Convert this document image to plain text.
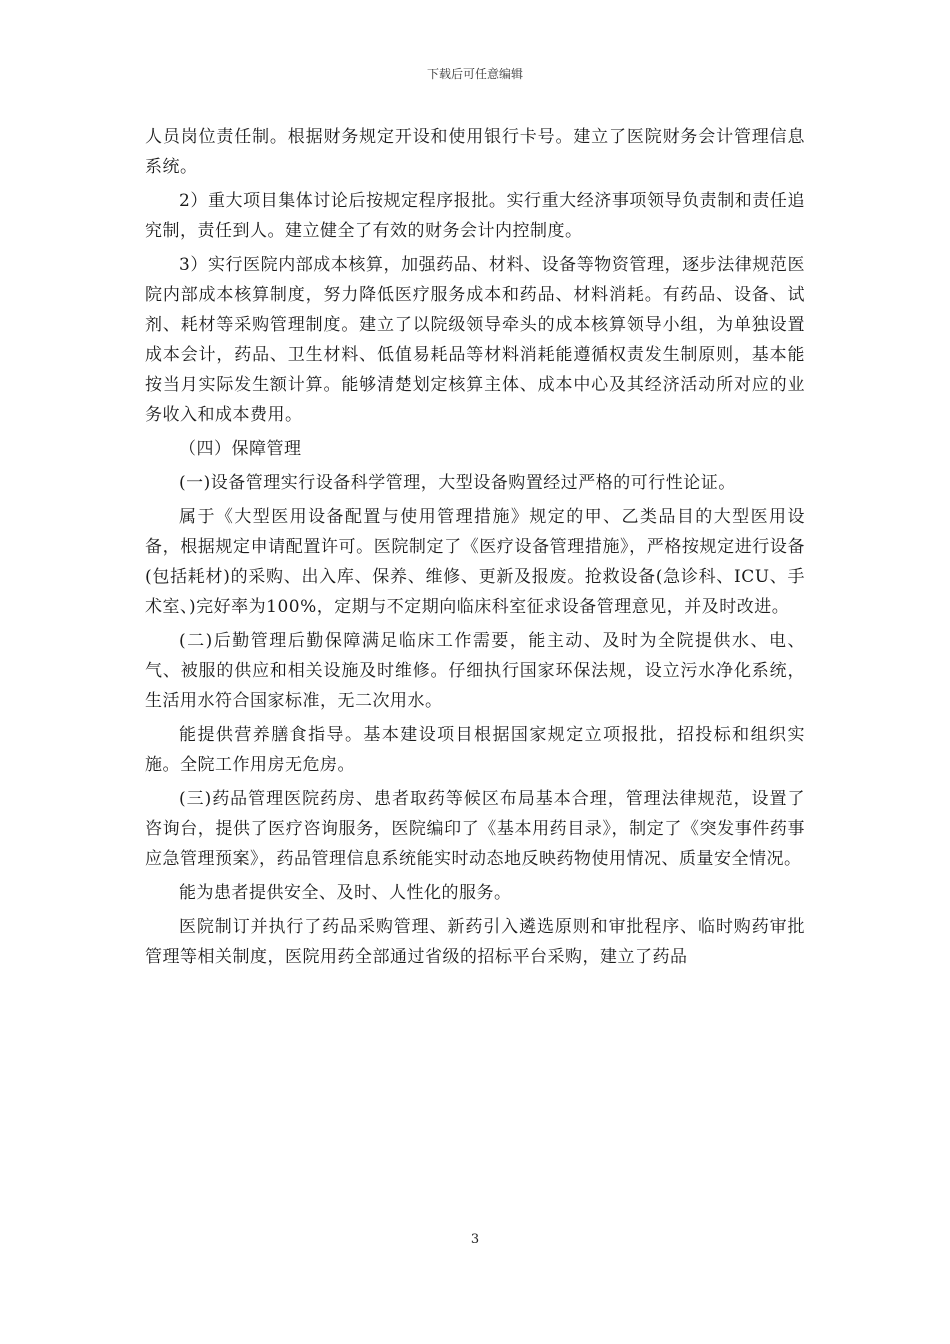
下载后可任意编辑

人员岗位责任制。根据财务规定开设和使用银行卡号。建立了医院财务会计管理信息系统。

2）重大项目集体讨论后按规定程序报批。实行重大经济事项领导负责制和责任追究制，责任到人。建立健全了有效的财务会计内控制度。

3）实行医院内部成本核算，加强药品、材料、设备等物资管理，逐步法律规范医院内部成本核算制度，努力降低医疗服务成本和药品、材料消耗。有药品、设备、试剂、耗材等采购管理制度。建立了以院级领导牵头的成本核算领导小组，为单独设置成本会计，药品、卫生材料、低值易耗品等材料消耗能遵循权责发生制原则，基本能按当月实际发生额计算。能够清楚划定核算主体、成本中心及其经济活动所对应的业务收入和成本费用。

（四）保障管理

(一)设备管理实行设备科学管理，大型设备购置经过严格的可行性论证。

属于《大型医用设备配置与使用管理措施》规定的甲、乙类品目的大型医用设备，根据规定申请配置许可。医院制定了《医疗设备管理措施》，严格按规定进行设备(包括耗材)的采购、出入库、保养、维修、更新及报废。抢救设备(急诊科、ICU、手术室、)完好率为100%，定期与不定期向临床科室征求设备管理意见，并及时改进。

(二)后勤管理后勤保障满足临床工作需要，能主动、及时为全院提供水、电、气、被服的供应和相关设施及时维修。仔细执行国家环保法规，设立污水净化系统，生活用水符合国家标准，无二次用水。

能提供营养膳食指导。基本建设项目根据国家规定立项报批，招投标和组织实施。全院工作用房无危房。

(三)药品管理医院药房、患者取药等候区布局基本合理，管理法律规范，设置了咨询台，提供了医疗咨询服务，医院编印了《基本用药目录》，制定了《突发事件药事应急管理预案》，药品管理信息系统能实时动态地反映药物使用情况、质量安全情况。

能为患者提供安全、及时、人性化的服务。

医院制订并执行了药品采购管理、新药引入遴选原则和审批程序、临时购药审批管理等相关制度，医院用药全部通过省级的招标平台采购，建立了药品

3
